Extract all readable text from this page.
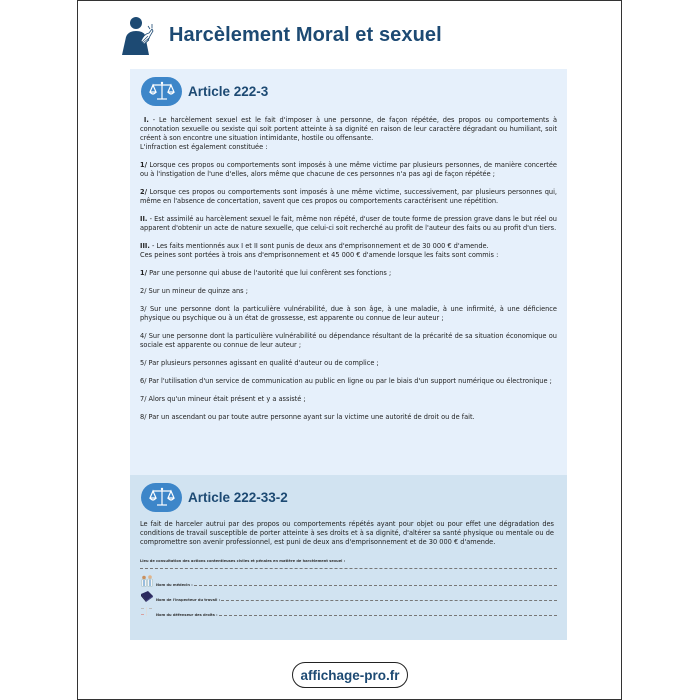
Harcèlement Moral et sexuel
Article 222-3

I. - Le harcèlement sexuel est le fait d'imposer à une personne, de façon répétée, des propos ou comportements à connotation sexuelle ou sexiste qui soit portent atteinte à sa dignité en raison de leur caractère dégradant ou humiliant, soit créent à son encontre une situation intimidante, hostile ou offensante.

L'infraction est également constituée :

1/ Lorsque ces propos ou comportements sont imposés à une même victime par plusieurs personnes, de manière concertée ou à l'instigation de l'une d'elles, alors même que chacune de ces personnes n'a pas agi de façon répétée ;

2/ Lorsque ces propos ou comportements sont imposés à une même victime, successivement, par plusieurs personnes qui, même en l'absence de concertation, savent que ces propos ou comportements caractérisent une répétition.

II. - Est assimilé au harcèlement sexuel le fait, même non répété, d'user de toute forme de pression grave dans le but réel ou apparent d'obtenir un acte de nature sexuelle, que celui-ci soit recherché au profit de l'auteur des faits ou au profit d'un tiers.

III. - Les faits mentionnés aux I et II sont punis de deux ans d'emprisonnement et de 30 000 € d'amende.

Ces peines sont portées à trois ans d'emprisonnement et 45 000 € d'amende lorsque les faits sont commis :

1/ Par une personne qui abuse de l'autorité que lui confèrent ses fonctions ;

2/ Sur un mineur de quinze ans ;

3/ Sur une personne dont la particulière vulnérabilité, due à son âge, à une maladie, à une infirmité, à une déficience physique ou psychique ou à un état de grossesse, est apparente ou connue de leur auteur ;

4/ Sur une personne dont la particulière vulnérabilité ou dépendance résultant de la précarité de sa situation économique ou sociale est apparente ou connue de leur auteur ;

5/ Par plusieurs personnes agissant en qualité d'auteur ou de complice ;

6/ Par l'utilisation d'un service de communication au public en ligne ou par le biais d'un support numérique ou électronique ;

7/ Alors qu'un mineur était présent et y a assisté ;

8/ Par un ascendant ou par toute autre personne ayant sur la victime une autorité de droit ou de fait.

Article 222-33-2

Le fait de harceler autrui par des propos ou comportements répétés ayant pour objet ou pour effet une dégradation des conditions de travail susceptible de porter atteinte à ses droits et à sa dignité, d'altérer sa santé physique ou mentale ou de compromettre son avenir professionnel, est puni de deux ans d'emprisonnement et de 30 000 € d'amende.

Lieu de consultation des actions contentieuses civiles et pénales en matière de harcèlement sexuel :
Nom du médecin :
Nom de l'inspecteur du travail :
Nom du défenseur des droits :
affichage-pro.fr
